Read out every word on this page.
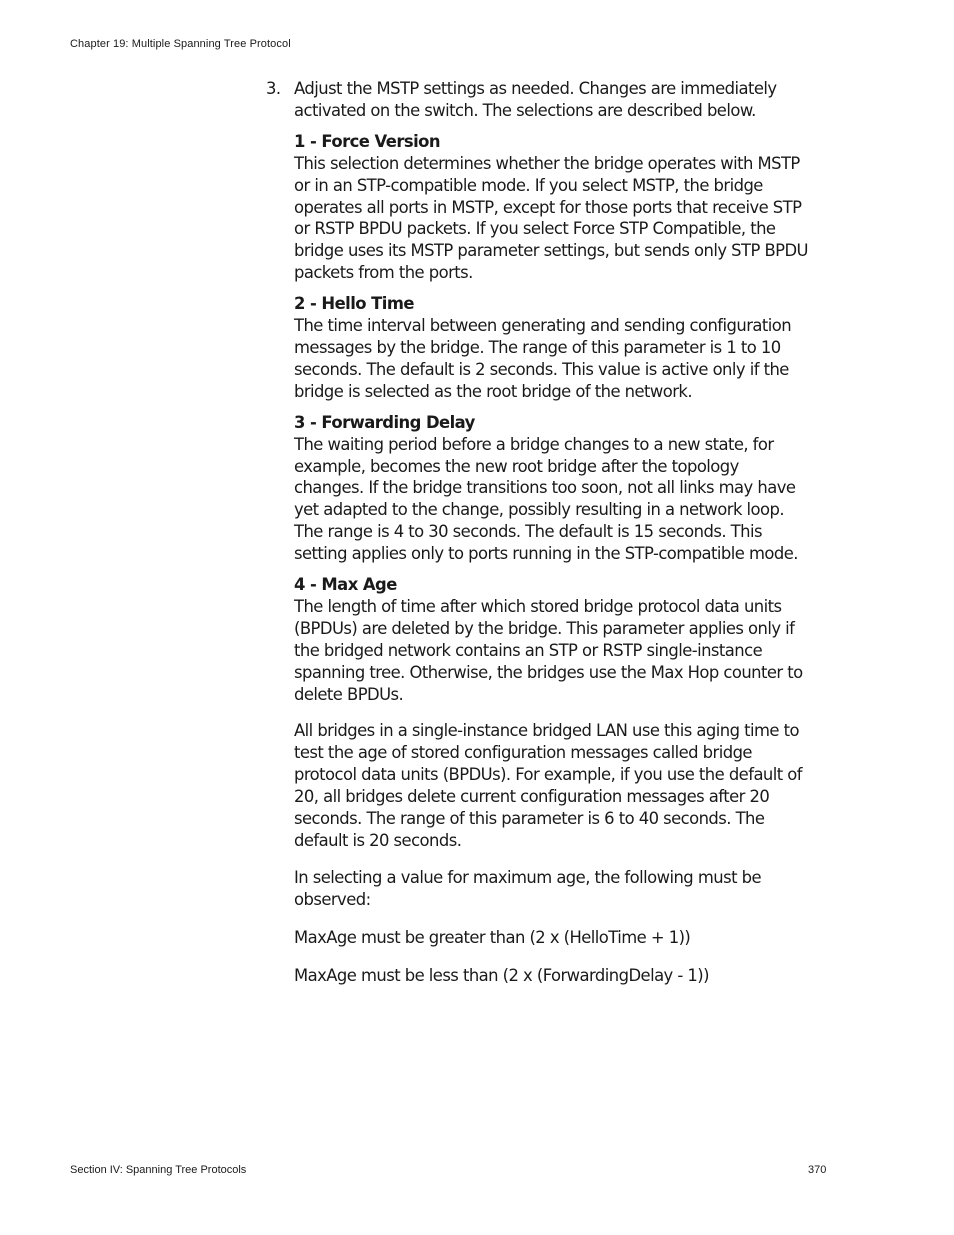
Chapter 19: Multiple Spanning Tree Protocol
3. Adjust the MSTP settings as needed. Changes are immediately activated on the switch. The selections are described below.
1 - Force Version
This selection determines whether the bridge operates with MSTP or in an STP-compatible mode. If you select MSTP, the bridge operates all ports in MSTP, except for those ports that receive STP or RSTP BPDU packets. If you select Force STP Compatible, the bridge uses its MSTP parameter settings, but sends only STP BPDU packets from the ports.
2 - Hello Time
The time interval between generating and sending configuration messages by the bridge. The range of this parameter is 1 to 10 seconds. The default is 2 seconds. This value is active only if the bridge is selected as the root bridge of the network.
3 - Forwarding Delay
The waiting period before a bridge changes to a new state, for example, becomes the new root bridge after the topology changes. If the bridge transitions too soon, not all links may have yet adapted to the change, possibly resulting in a network loop. The range is 4 to 30 seconds. The default is 15 seconds. This setting applies only to ports running in the STP-compatible mode.
4 - Max Age
The length of time after which stored bridge protocol data units (BPDUs) are deleted by the bridge. This parameter applies only if the bridged network contains an STP or RSTP single-instance spanning tree. Otherwise, the bridges use the Max Hop counter to delete BPDUs.
All bridges in a single-instance bridged LAN use this aging time to test the age of stored configuration messages called bridge protocol data units (BPDUs). For example, if you use the default of 20, all bridges delete current configuration messages after 20 seconds. The range of this parameter is 6 to 40 seconds. The default is 20 seconds.
In selecting a value for maximum age, the following must be observed:
MaxAge must be greater than (2 x (HelloTime + 1))
MaxAge must be less than (2 x (ForwardingDelay - 1))
Section IV: Spanning Tree Protocols	370
